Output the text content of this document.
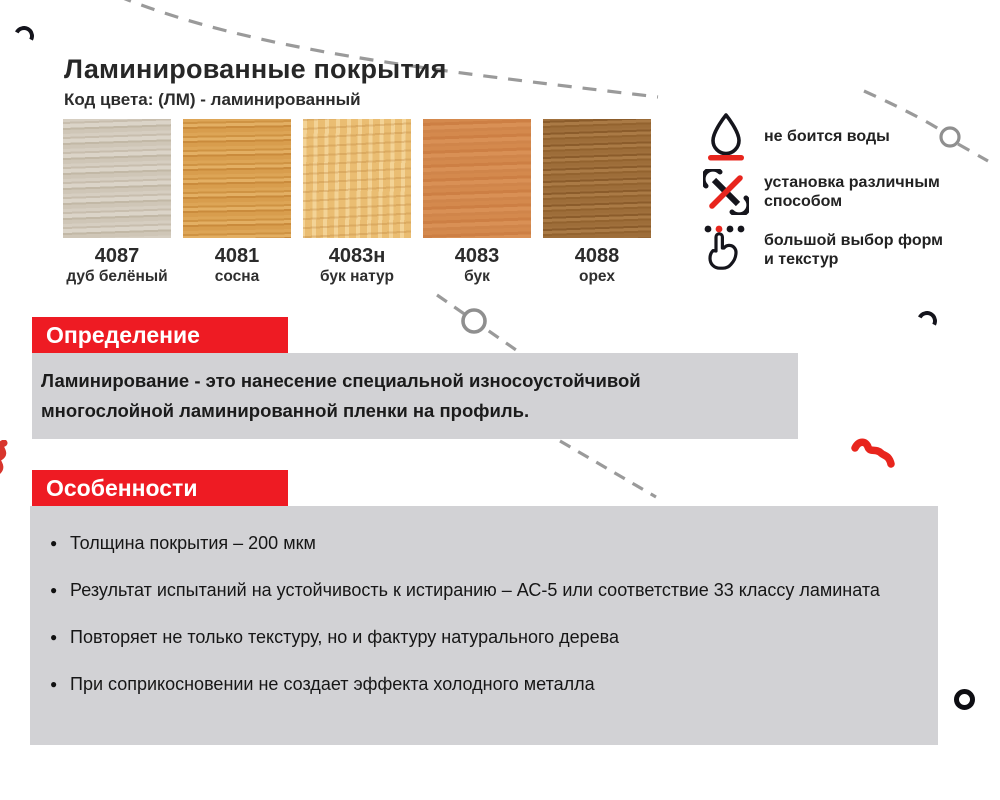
Ламинированные покрытия
Код цвета: (ЛМ) - ламинированный
4087
дуб белёный
4081
сосна
4083н
бук натур
4083
бук
4088
орех
не боится воды
установка различным способом
большой выбор форм и текстур
Определение

Ламинирование - это нанесение специальной износоустойчивой многослойной ламинированной пленки на профиль.

Особенности
● Толщина покрытия – 200 мкм
● Результат испытаний на устойчивость к истиранию – АС-5 или соответствие 33 классу ламината
● Повторяет не только текстуру, но и фактуру натурального дерева
● При соприкосновении не создает эффекта холодного металла
